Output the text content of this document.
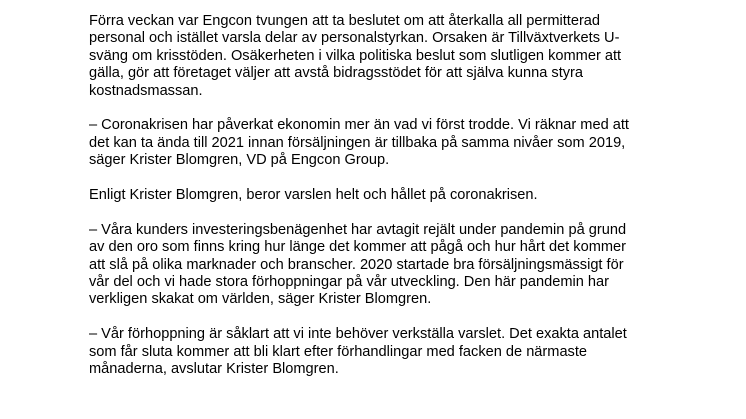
Förra veckan var Engcon tvungen att ta beslutet om att återkalla all permitterad
personal och istället varsla delar av personalstyrkan. Orsaken är Tillväxtverkets U-
sväng om krisstöden. Osäkerheten i vilka politiska beslut som slutligen kommer att
gälla, gör att företaget väljer att avstå bidragsstödet för att själva kunna styra
kostnadsmassan.

– Coronakrisen har påverkat ekonomin mer än vad vi först trodde. Vi räknar med att
det kan ta ända till 2021 innan försäljningen är tillbaka på samma nivåer som 2019,
säger Krister Blomgren, VD på Engcon Group.

Enligt Krister Blomgren, beror varslen helt och hållet på coronakrisen.

– Våra kunders investeringsbenägenhet har avtagit rejält under pandemin på grund
av den oro som finns kring hur länge det kommer att pågå och hur hårt det kommer
att slå på olika marknader och branscher. 2020 startade bra försäljningsmässigt för
vår del och vi hade stora förhoppningar på vår utveckling. Den här pandemin har
verkligen skakat om världen, säger Krister Blomgren.

– Vår förhoppning är såklart att vi inte behöver verkställa varslet. Det exakta antalet
som får sluta kommer att bli klart efter förhandlingar med facken de närmaste
månaderna, avslutar Krister Blomgren.
